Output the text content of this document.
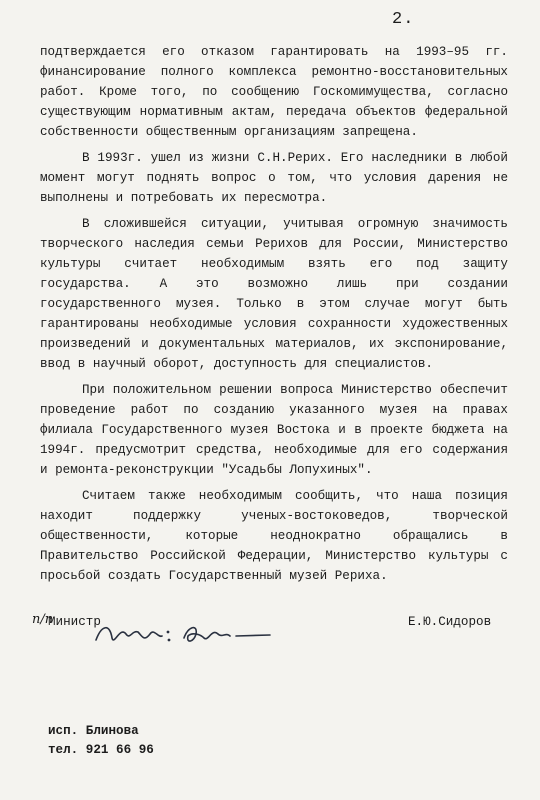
2.

подтверждается его отказом гарантировать на 1993–95 гг. финансирование полного комплекса ремонтно-восстановительных работ. Кроме того, по сообщению Госкомимущества, согласно существующим нормативным актам, передача объектов федеральной собственности общественным организациям запрещена.

В 1993г. ушел из жизни С.Н.Рерих. Его наследники в любой момент могут поднять вопрос о том, что условия дарения не выполнены и потребовать их пересмотра.

В сложившейся ситуации, учитывая огромную значимость творческого наследия семьи Рерихов для России, Министерство культуры считает необходимым взять его под защиту государства. А это возможно лишь при создании государственного музея. Только в этом случае могут быть гарантированы необходимые условия сохранности художественных произведений и документальных материалов, их экспонирование, ввод в научный оборот, доступность для специалистов.

При положительном решении вопроса Министерство обеспечит проведение работ по созданию указанного музея на правах филиала Государственного музея Востока и в проекте бюджета на 1994г. предусмотрит средства, необходимые для его содержания и ремонта-реконструкции "Усадьбы Лопухиных".

Считаем также необходимым сообщить, что наша позиция находит поддержку ученых-востоковедов, творческой общественности, которые неоднократно обращались в Правительство Российской Федерации, Министерство культуры с просьбой создать Государственный музей Рериха.

п/п
Министр	Е.Ю.Сидоров
исп. Блинова
тел. 921 66 96
